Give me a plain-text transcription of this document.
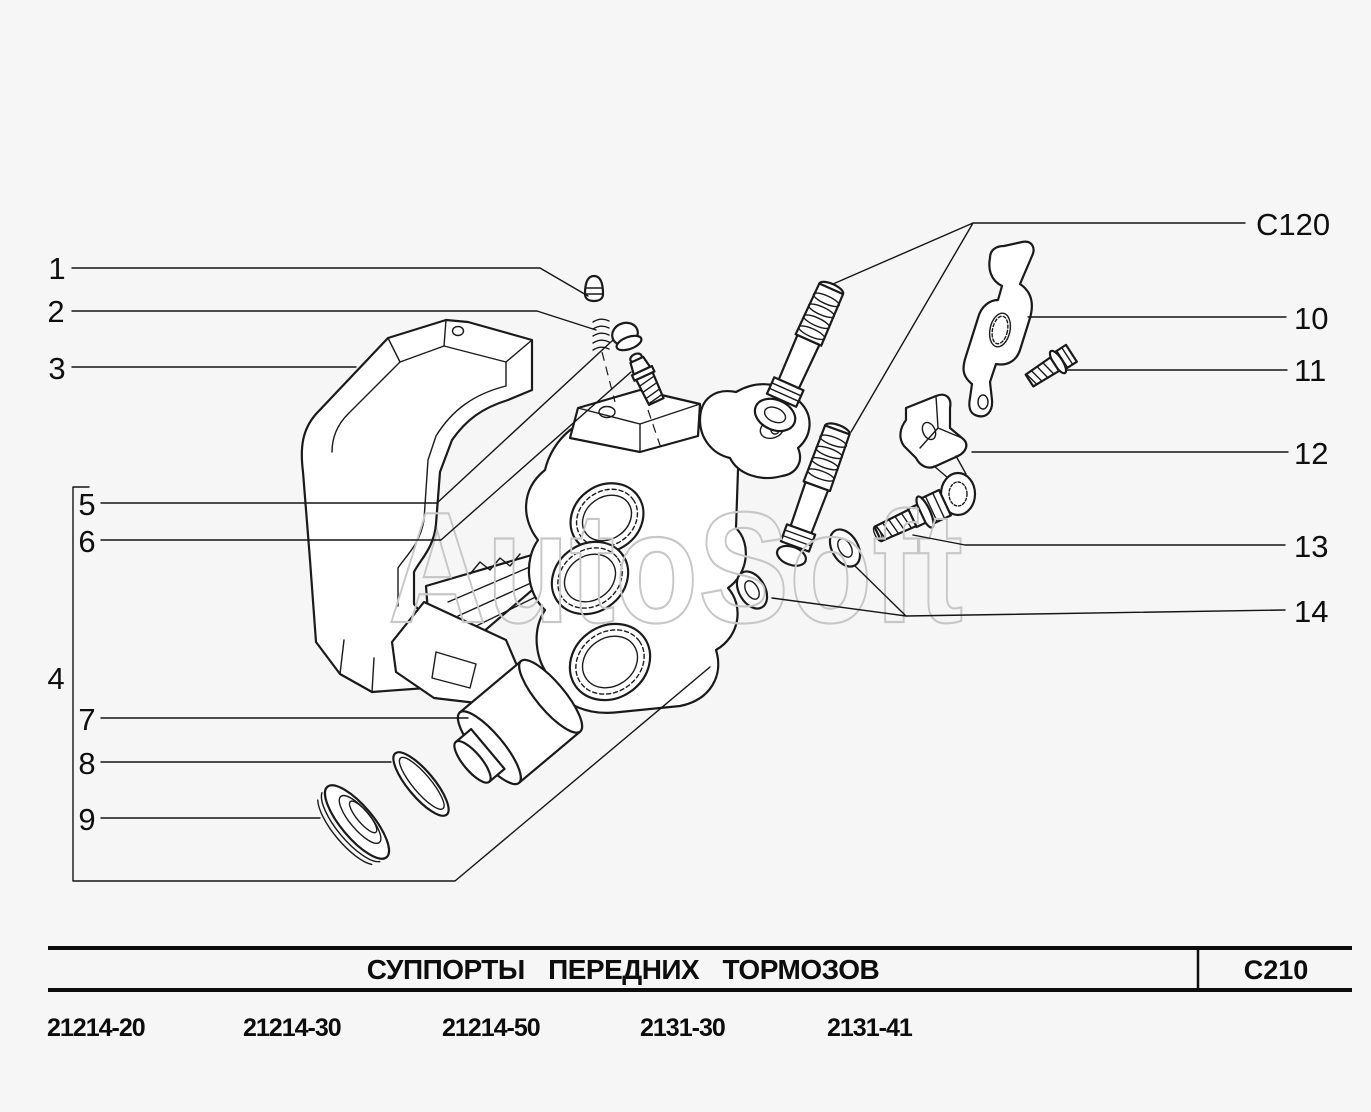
AutoSoft
1
2
3
4
5
6
7
8
9
C120
10
11
12
13
14
СУППОРТЫ ПЕРЕДНИХ ТОРМОЗОВ	C210
21214-20	21214-30	21214-50	2131-30	2131-41
